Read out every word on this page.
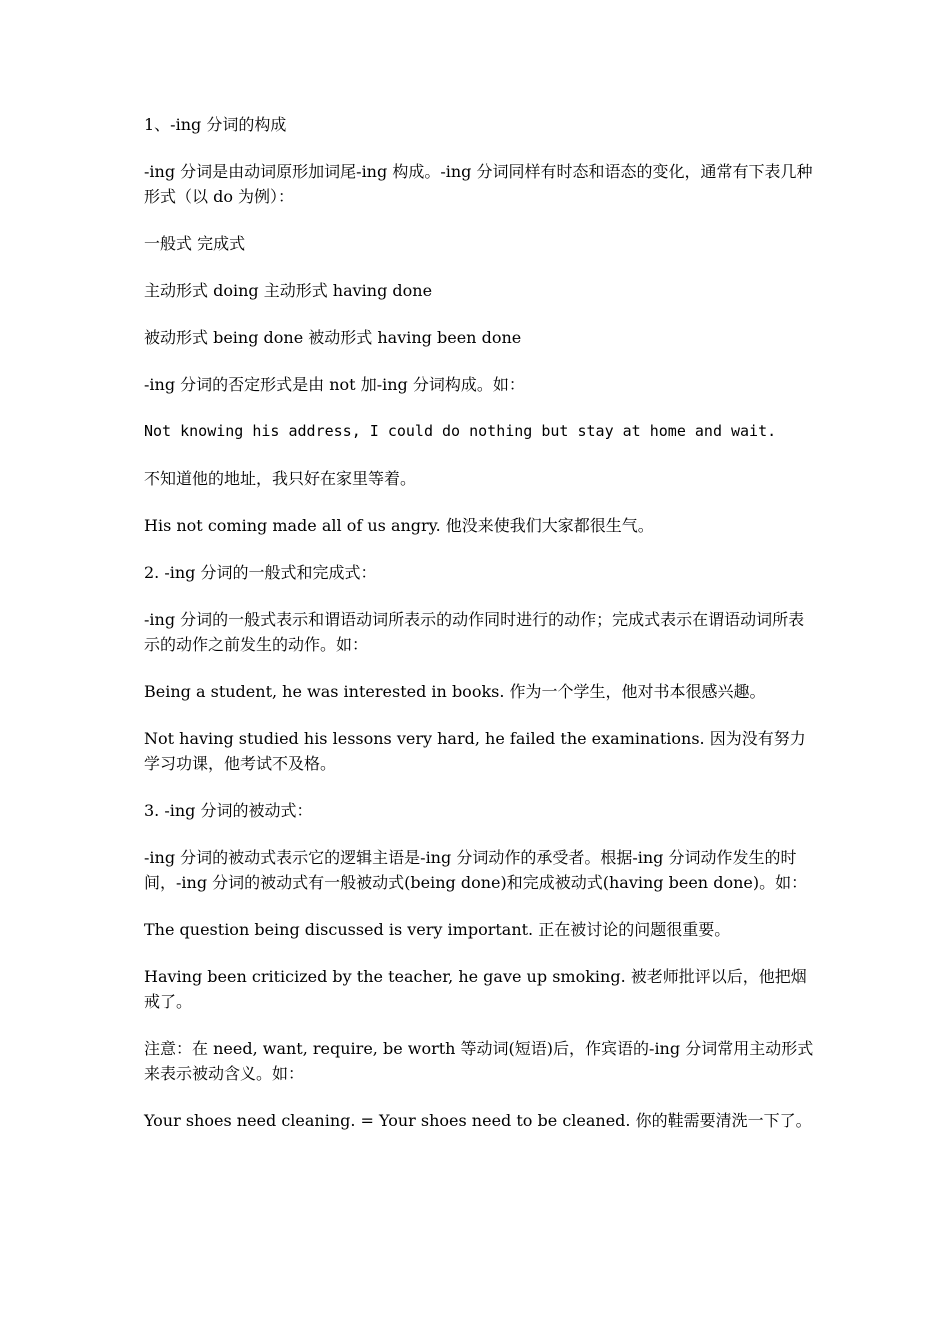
1、-ing 分词的构成

-ing 分词是由动词原形加词尾-ing 构成。-ing 分词同样有时态和语态的变化，通常有下表几种形式（以 do 为例）：

一般式 完成式

主动形式 doing 主动形式 having done

被动形式 being done 被动形式 having been done

-ing 分词的否定形式是由 not 加-ing 分词构成。如：

Not knowing his address, I could do nothing but stay at home and wait.

不知道他的地址，我只好在家里等着。

His not coming made all of us angry. 他没来使我们大家都很生气。

2. -ing 分词的一般式和完成式：

-ing 分词的一般式表示和谓语动词所表示的动作同时进行的动作；完成式表示在谓语动词所表示的动作之前发生的动作。如：

Being a student, he was interested in books. 作为一个学生，他对书本很感兴趣。

Not having studied his lessons very hard, he failed the examinations. 因为没有努力学习功课，他考试不及格。

3. -ing 分词的被动式：

-ing 分词的被动式表示它的逻辑主语是-ing 分词动作的承受者。根据-ing 分词动作发生的时间，-ing 分词的被动式有一般被动式(being done)和完成被动式(having been done)。如：

The question being discussed is very important. 正在被讨论的问题很重要。

Having been criticized by the teacher, he gave up smoking. 被老师批评以后，他把烟戒了。

注意：在 need, want, require, be worth 等动词(短语)后，作宾语的-ing 分词常用主动形式来表示被动含义。如：

Your shoes need cleaning. = Your shoes need to be cleaned. 你的鞋需要清洗一下了。
